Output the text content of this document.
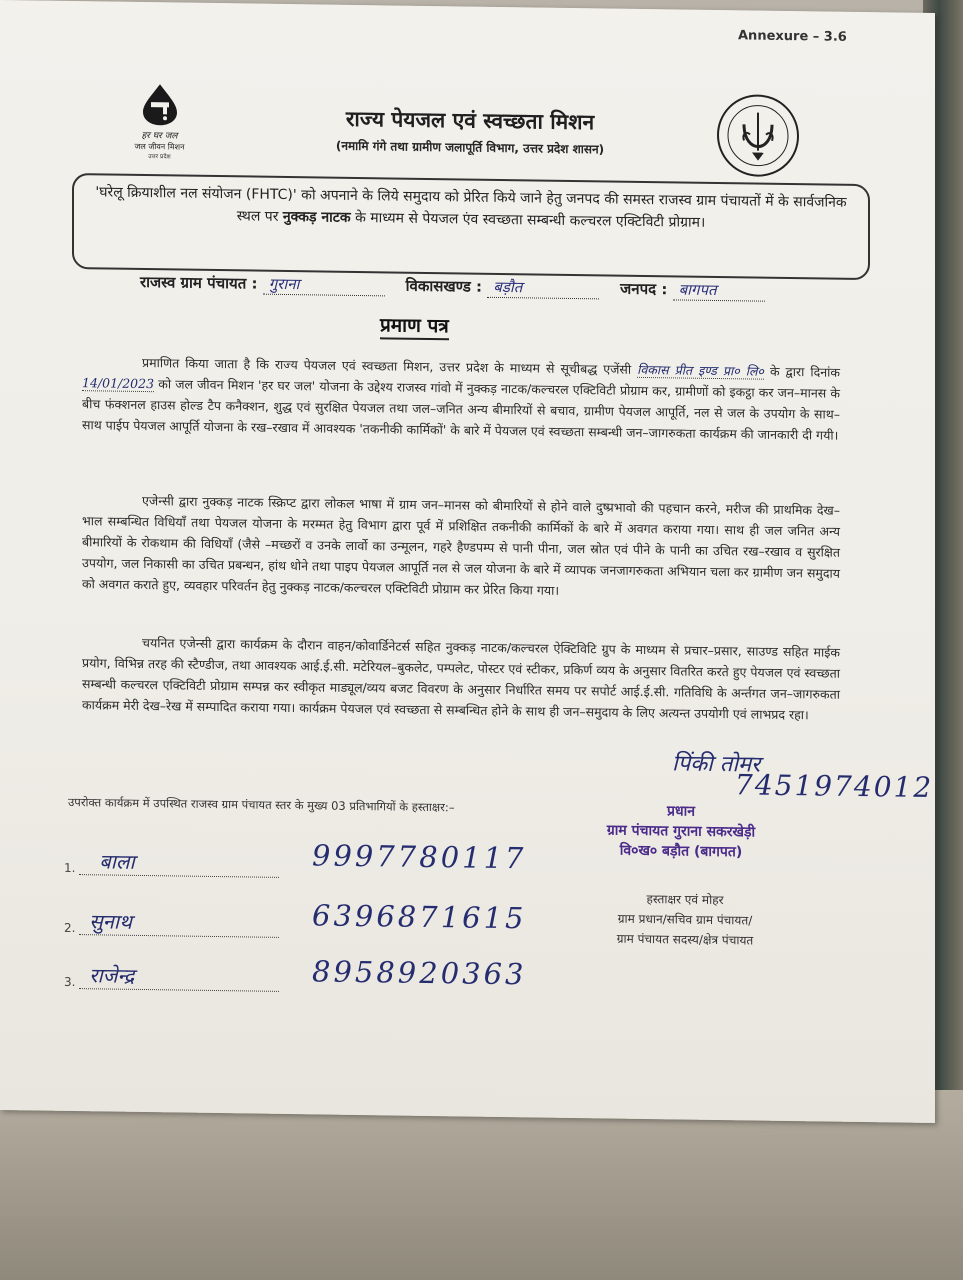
Annexure – 3.6
हर घर जल
जल जीवन मिशन
उत्तर प्रदेश
राज्य पेयजल एवं स्वच्छता मिशन
(नमामि गंगे तथा ग्रामीण जलापूर्ति विभाग, उत्तर प्रदेश शासन)
'घरेलू क्रियाशील नल संयोजन (FHTC)' को अपनाने के लिये समुदाय को प्रेरित किये जाने हेतु जनपद की समस्त राजस्व ग्राम पंचायतों में के सार्वजनिक स्थल पर नुक्कड़ नाटक के माध्यम से पेयजल एंव स्वच्छता सम्बन्धी कल्चरल एक्टिविटी प्रोग्राम।
राजस्व ग्राम पंचायत : गुराना	विकासखण्ड : बड़ौत	जनपद : बागपत
प्रमाण पत्र
प्रमाणित किया जाता है कि राज्य पेयजल एवं स्वच्छता मिशन, उत्तर प्रदेश के माध्यम से सूचीबद्ध एजेंसी विकास प्रीत इण्ड प्रा० लि० के द्वारा दिनांक 14/01/2023 को जल जीवन मिशन 'हर घर जल' योजना के उद्देश्य राजस्व गांवो में नुक्कड़ नाटक/कल्चरल एक्टिविटी प्रोग्राम कर, ग्रामीणों को इकट्ठा कर जन–मानस के बीच फंक्शनल हाउस होल्ड टैप कनैक्शन, शुद्ध एवं सुरक्षित पेयजल तथा जल–जनित अन्य बीमारियों से बचाव, ग्रामीण पेयजल आपूर्ति, नल से जल के उपयोग के साथ–साथ पाईप पेयजल आपूर्ति योजना के रख–रखाव में आवश्यक 'तकनीकी कार्मिकों' के बारे में पेयजल एवं स्वच्छता सम्बन्धी जन–जागरुकता कार्यक्रम की जानकारी दी गयी।
एजेन्सी द्वारा नुक्कड़ नाटक स्क्रिप्ट द्वारा लोकल भाषा में ग्राम जन–मानस को बीमारियों से होने वाले दुष्प्रभावो की पहचान करने, मरीज की प्राथमिक देख–भाल सम्बन्धित विधियाँ तथा पेयजल योजना के मरम्मत हेतु विभाग द्वारा पूर्व में प्रशिक्षित तकनीकी कार्मिकों के बारे में अवगत कराया गया। साथ ही जल जनित अन्य बीमारियों के रोकथाम की विधियाँ (जैसे –मच्छरों व उनके लार्वो का उन्मूलन, गहरे हैण्डपम्प से पानी पीना, जल स्रोत एवं पीने के पानी का उचित रख–रखाव व सुरक्षित उपयोग, जल निकासी का उचित प्रबन्धन, हांथ धोने तथा पाइप पेयजल आपूर्ति नल से जल योजना के बारे में व्यापक जनजागरुकता अभियान चला कर ग्रामीण जन समुदाय को अवगत कराते हुए, व्यवहार परिवर्तन हेतु नुक्कड़ नाटक/कल्चरल एक्टिविटी प्रोग्राम कर प्रेरित किया गया।
चयनित एजेन्सी द्वारा कार्यक्रम के दौरान वाहन/कोवार्डिनेटर्स सहित नुक्कड़ नाटक/कल्चरल ऐक्टिविटि ग्रुप के माध्यम से प्रचार–प्रसार, साउण्ड सहित माईक प्रयोग, विभिन्न तरह की स्टैण्डीज, तथा आवश्यक आई.ई.सी. मटेरियल–बुकलेट, पम्पलेट, पोस्टर एवं स्टीकर, प्रकिर्ण व्यय के अनुसार वितरित करते हुए पेयजल एवं स्वच्छता सम्बन्धी कल्चरल एक्टिविटी प्रोग्राम सम्पन्न कर स्वीकृत माड्यूल/व्यय बजट विवरण के अनुसार निर्धारित समय पर सपोर्ट आई.ई.सी. गतिविधि के अर्न्तगत जन–जागरुकता कार्यक्रम मेरी देख–रेख में सम्पादित कराया गया। कार्यक्रम पेयजल एवं स्वच्छता से सम्बन्धित होने के साथ ही जन–समुदाय के लिए अत्यन्त उपयोगी एवं लाभप्रद रहा।
पिंकी तोमर
7451974012
प्रधान
ग्राम पंचायत गुराना सकरखेड़ी
वि०ख० बड़ौत (बागपत)
हस्ताक्षर एवं मोहर
ग्राम प्रधान/सचिव ग्राम पंचायत/
ग्राम पंचायत सदस्य/क्षेत्र पंचायत
उपरोक्त कार्यक्रम में उपस्थित राजस्व ग्राम पंचायत स्तर के मुख्य 03 प्रतिभागियों के हस्ताक्षर:–
1. बाला	9997780117
2. सुनाथ	6396871615
3. राजेन्द्र	8958920363
